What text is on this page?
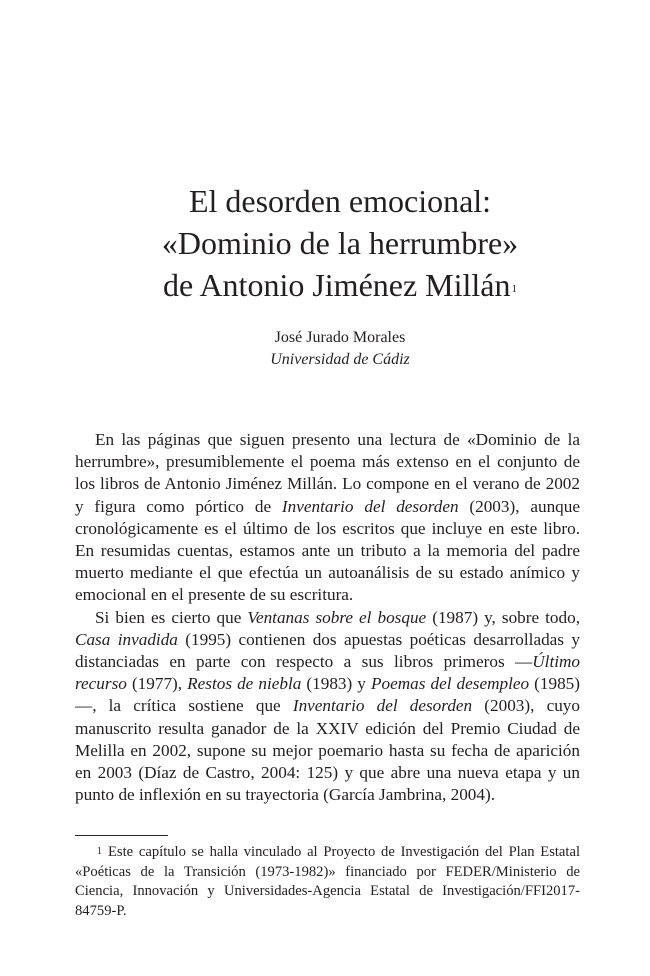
El desorden emocional:
«Dominio de la herrumbre»
de Antonio Jiménez Millán$^1$
José Jurado Morales
Universidad de Cádiz

En las páginas que siguen presento una lectura de «Dominio de la herrumbre», presumiblemente el poema más extenso en el conjunto de los libros de Antonio Jiménez Millán. Lo compone en el verano de 2002 y figura como pórtico de Inventario del desorden (2003), aunque cronológicamente es el último de los escritos que incluye en este libro. En resumidas cuentas, estamos ante un tributo a la memoria del padre muerto mediante el que efectúa un autoanálisis de su estado anímico y emocional en el presente de su escritura.

Si bien es cierto que Ventanas sobre el bosque (1987) y, sobre todo, Casa invadida (1995) contienen dos apuestas poéticas desarrolladas y distanciadas en parte con respecto a sus libros primeros —Último recurso (1977), Restos de niebla (1983) y Poemas del desempleo (1985)—, la crítica sostiene que Inventario del desorden (2003), cuyo manuscrito resulta ganador de la XXIV edición del Premio Ciudad de Melilla en 2002, supone su mejor poemario hasta su fecha de aparición en 2003 (Díaz de Castro, 2004: 125) y que abre una nueva etapa y un punto de inflexión en su trayectoria (García Jambrina, 2004).

$^1$ Este capítulo se halla vinculado al Proyecto de Investigación del Plan Estatal «Poéticas de la Transición (1973-1982)» financiado por FEDER/Ministerio de Ciencia, Innovación y Universidades-Agencia Estatal de Investigación/FFI2017-84759-P.
